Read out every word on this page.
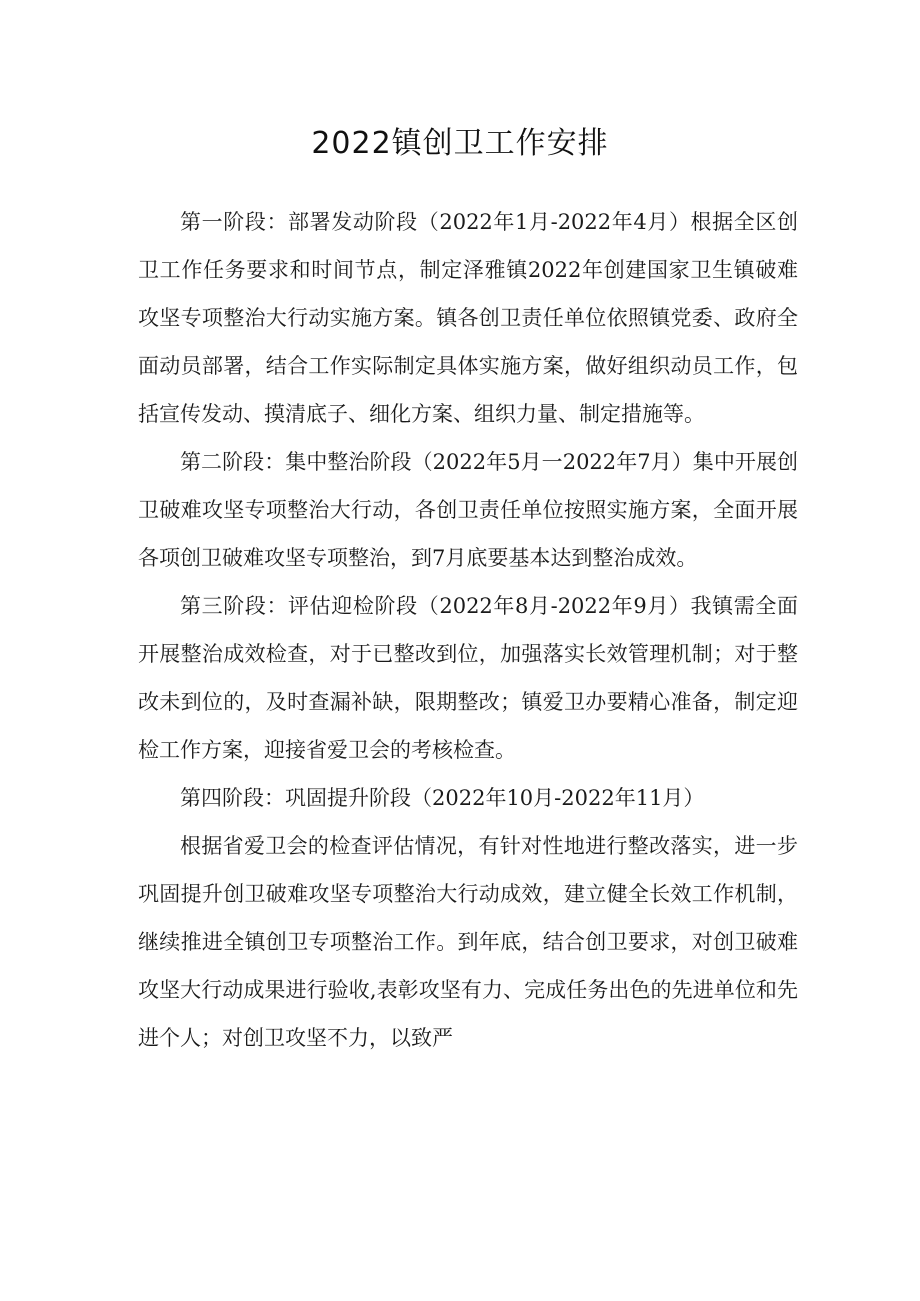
2022镇创卫工作安排

第一阶段：部署发动阶段（2022年1月-2022年4月）根据全区创卫工作任务要求和时间节点，制定泽雅镇2022年创建国家卫生镇破难攻坚专项整治大行动实施方案。镇各创卫责任单位依照镇党委、政府全面动员部署，结合工作实际制定具体实施方案，做好组织动员工作，包括宣传发动、摸清底子、细化方案、组织力量、制定措施等。

第二阶段：集中整治阶段（2022年5月一2022年7月）集中开展创卫破难攻坚专项整治大行动，各创卫责任单位按照实施方案，全面开展各项创卫破难攻坚专项整治，到7月底要基本达到整治成效。

第三阶段：评估迎检阶段（2022年8月-2022年9月）我镇需全面开展整治成效检查，对于已整改到位，加强落实长效管理机制；对于整改未到位的，及时查漏补缺，限期整改；镇爱卫办要精心准备，制定迎检工作方案，迎接省爱卫会的考核检查。

第四阶段：巩固提升阶段（2022年10月-2022年11月）

根据省爱卫会的检查评估情况，有针对性地进行整改落实，进一步巩固提升创卫破难攻坚专项整治大行动成效，建立健全长效工作机制，继续推进全镇创卫专项整治工作。到年底，结合创卫要求，对创卫破难攻坚大行动成果进行验收,表彰攻坚有力、完成任务出色的先进单位和先进个人；对创卫攻坚不力，以致严
